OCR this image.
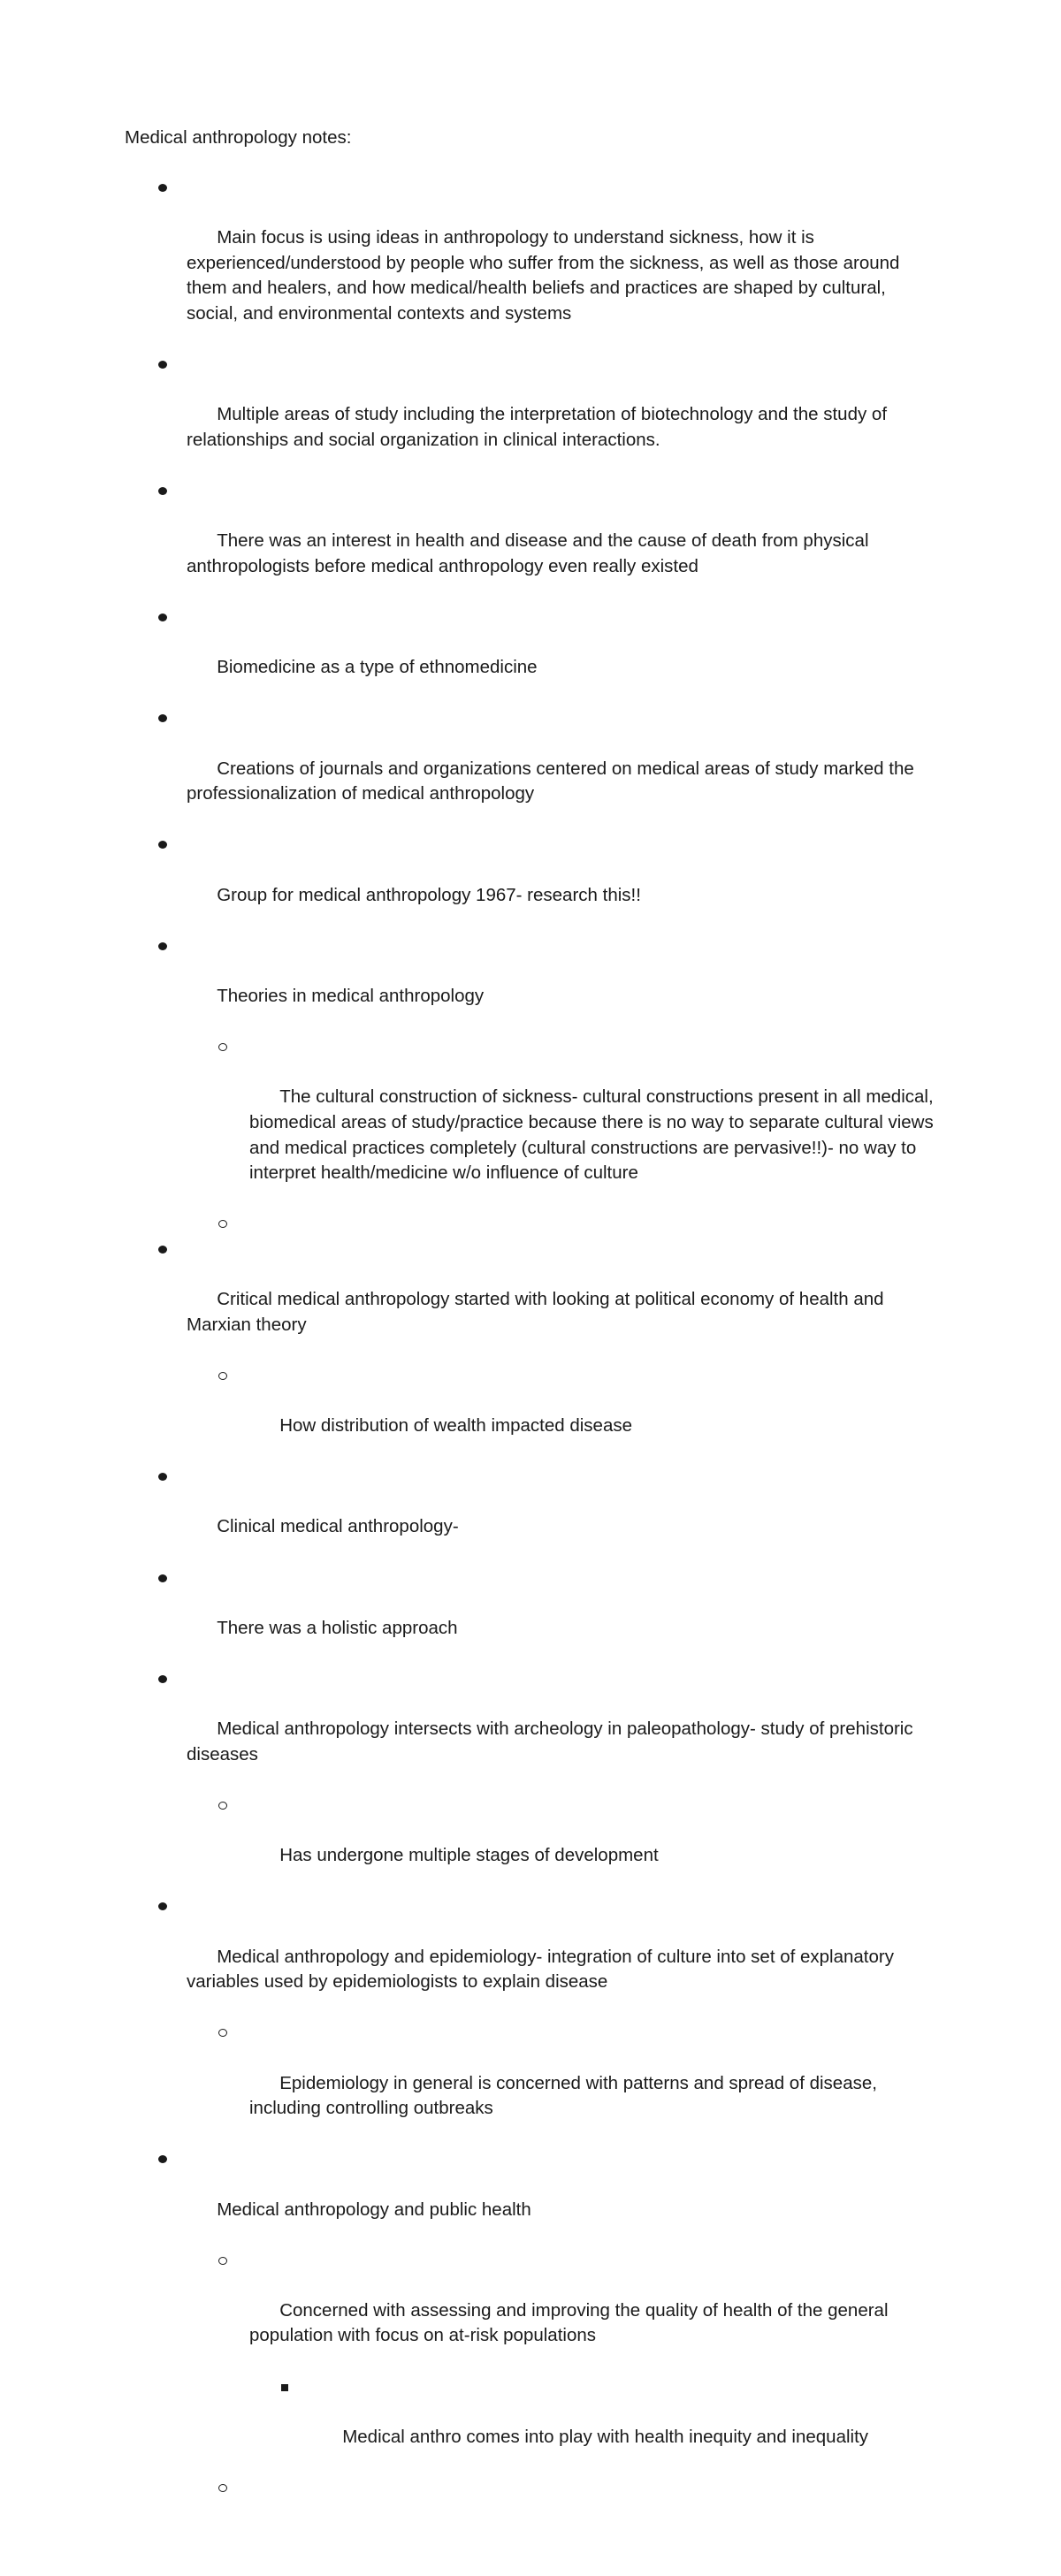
Medical anthropology notes:

Main focus is using ideas in anthropology to understand sickness, how it is experienced/understood by people who suffer from the sickness, as well as those around them and healers, and how medical/health beliefs and practices are shaped by cultural, social, and environmental contexts and systems

Multiple areas of study including the interpretation of biotechnology and the study of relationships and social organization in clinical interactions.

There was an interest in health and disease and the cause of death from physical anthropologists before medical anthropology even really existed

Biomedicine as a type of ethnomedicine

Creations of journals and organizations centered on medical areas of study marked the professionalization of medical anthropology

Group for medical anthropology 1967- research this!!

Theories in medical anthropology

The cultural construction of sickness- cultural constructions present in all medical, biomedical areas of study/practice because there is no way to separate cultural views and medical practices completely (cultural constructions are pervasive!!)- no way to interpret health/medicine w/o influence of culture

Critical medical anthropology started with looking at political economy of health and Marxian theory

How distribution of wealth impacted disease

Clinical medical anthropology-

There was a holistic approach

Medical anthropology intersects with archeology in paleopathology- study of prehistoric diseases

Has undergone multiple stages of development

Medical anthropology and epidemiology- integration of culture into set of explanatory variables used by epidemiologists to explain disease

Epidemiology in general is concerned with patterns and spread of disease, including controlling outbreaks

Medical anthropology and public health

Concerned with assessing and improving the quality of health of the general population with focus on at-risk populations

Medical anthro comes into play with health inequity and inequality
